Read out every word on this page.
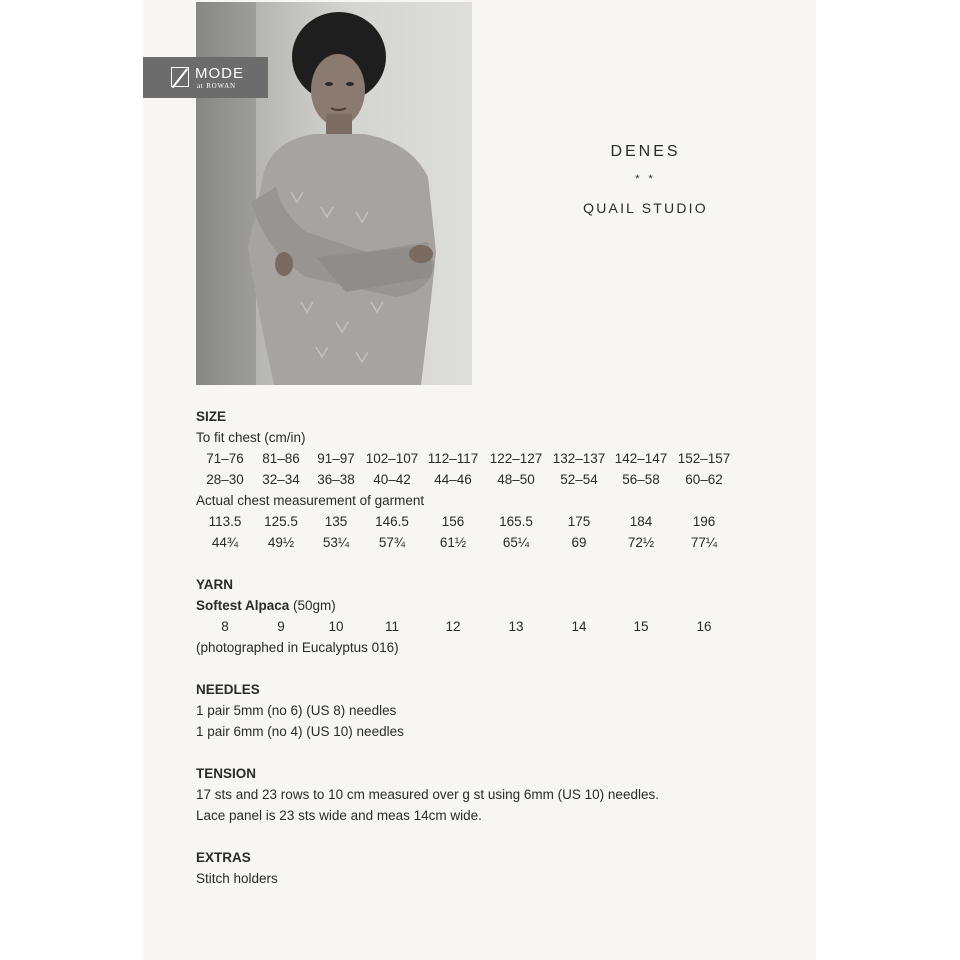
MODE
at ROWAN
DENES
* *
QUAIL STUDIO
SIZE
To fit chest (cm/in)
71–76 81–86 91–97 102–107 112–117 122–127 132–137 142–147 152–157
28–30 32–34 36–38 40–42 44–46 48–50 52–54 56–58 60–62
Actual chest measurement of garment
113.5 125.5 135 146.5 156	165.5	175	184	196
44¾ 49½ 53¼ 57¾	61½	65¼	69	72½	77¼
YARN
Softest Alpaca (50gm)
8	9	10	11	12	13	14	15	16
(photographed in Eucalyptus 016)
NEEDLES
1 pair 5mm (no 6) (US 8) needles
1 pair 6mm (no 4) (US 10) needles
TENSION
17 sts and 23 rows to 10 cm measured over g st using 6mm (US 10) needles.
Lace panel is 23 sts wide and meas 14cm wide.
EXTRAS
Stitch holders
